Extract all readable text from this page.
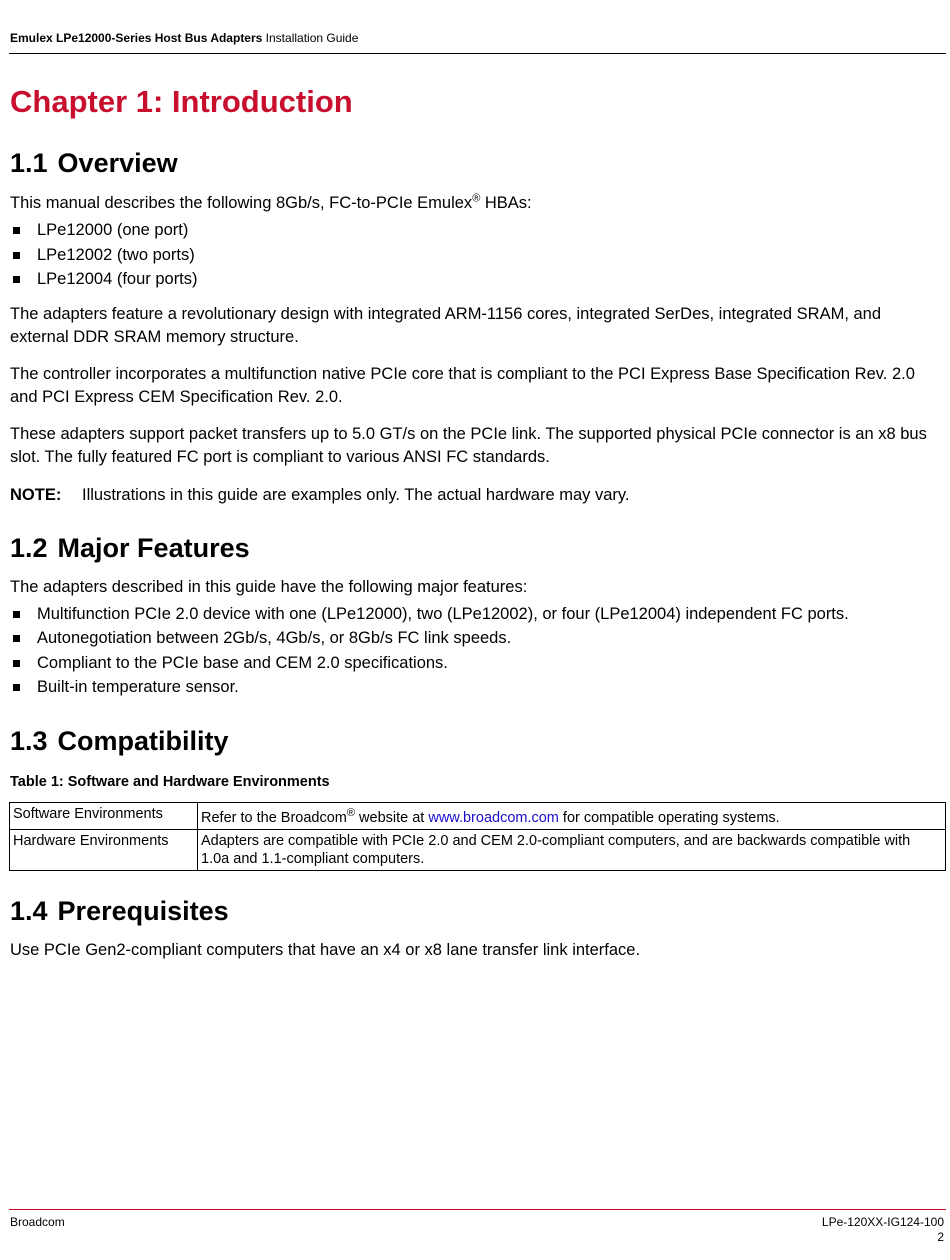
Emulex LPe12000-Series Host Bus Adapters Installation Guide
Chapter 1: Introduction
1.1 Overview

This manual describes the following 8Gb/s, FC-to-PCIe Emulex® HBAs:

LPe12000 (one port)
LPe12002 (two ports)
LPe12004 (four ports)

The adapters feature a revolutionary design with integrated ARM-1156 cores, integrated SerDes, integrated SRAM, and external DDR SRAM memory structure.

The controller incorporates a multifunction native PCIe core that is compliant to the PCI Express Base Specification Rev. 2.0 and PCI Express CEM Specification Rev. 2.0.

These adapters support packet transfers up to 5.0 GT/s on the PCIe link. The supported physical PCIe connector is an x8 bus slot. The fully featured FC port is compliant to various ANSI FC standards.

NOTE: Illustrations in this guide are examples only. The actual hardware may vary.
1.2 Major Features

The adapters described in this guide have the following major features:

Multifunction PCIe 2.0 device with one (LPe12000), two (LPe12002), or four (LPe12004) independent FC ports.
Autonegotiation between 2Gb/s, 4Gb/s, or 8Gb/s FC link speeds.
Compliant to the PCIe base and CEM 2.0 specifications.
Built-in temperature sensor.
1.3 Compatibility
Table 1: Software and Hardware Environments
Software Environments	Refer to the Broadcom® website at www.broadcom.com for compatible operating systems.
Hardware Environments	Adapters are compatible with PCIe 2.0 and CEM 2.0-compliant computers, and are backwards compatible with 1.0a and 1.1-compliant computers.
1.4 Prerequisites

Use PCIe Gen2-compliant computers that have an x4 or x8 lane transfer link interface.

Broadcom	LPe-120XX-IG124-100
2
